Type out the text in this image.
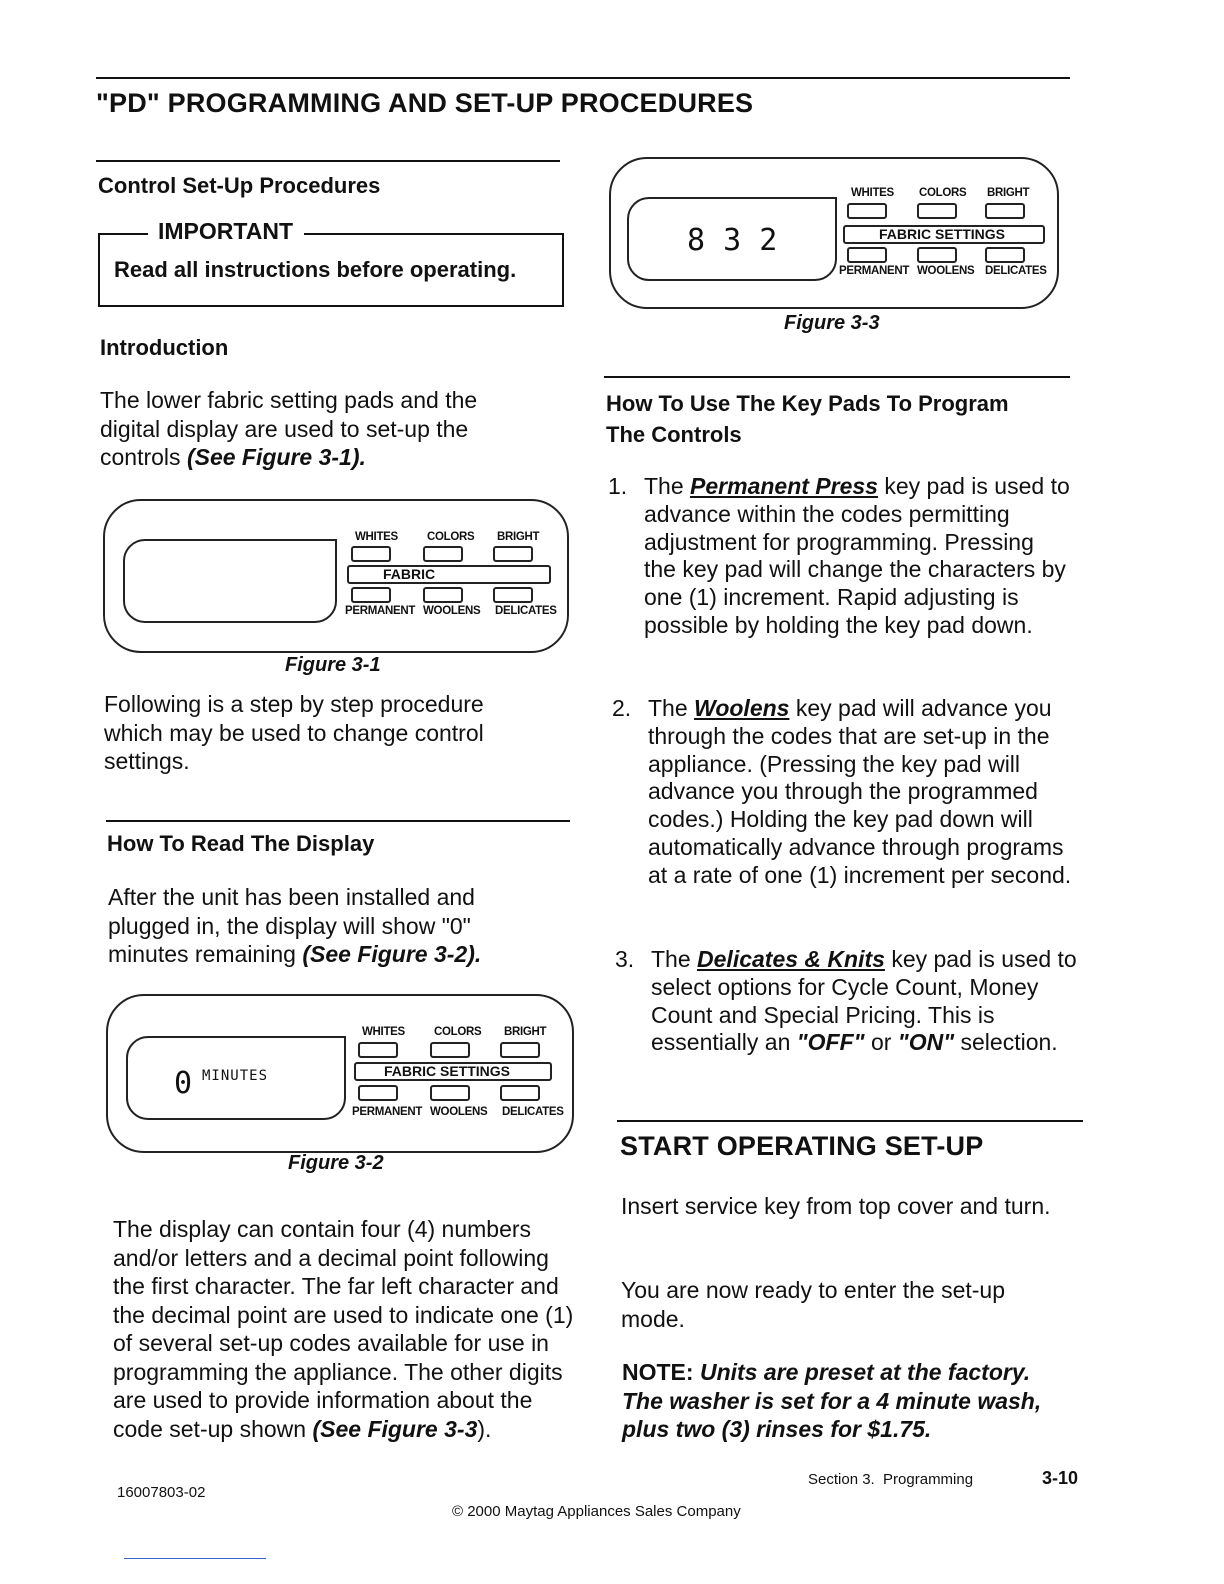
"PD" PROGRAMMING AND SET-UP PROCEDURES
Control Set-Up Procedures
IMPORTANT
Read all instructions before operating.
Introduction
The lower fabric setting pads and the digital display are used to set-up the controls (See Figure 3-1).
WHITES	COLORS BRIGHT
FABRIC
PERMANENT WOOLENS DELICATES
Figure 3-1
Following is a step by step procedure which may be used to change control settings.
How To Read The Display
After the unit has been installed and plugged in, the display will show "0" minutes remaining (See Figure 3-2).
0 MINUTES
WHITES	COLORS BRIGHT
FABRIC SETTINGS
PERMANENT WOOLENS DELICATES
Figure 3-2
The display can contain four (4) numbers and/or letters and a decimal point following the first character. The far left character and the decimal point are used to indicate one (1) of several set-up codes available for use in programming the appliance. The other digits are used to provide information about the code set-up shown (See Figure 3-3).
8 3 2
WHITES COLORS BRIGHT
FABRIC SETTINGS
PERMANENT WOOLENS DELICATES
Figure 3-3
How To Use The Key Pads To Program The Controls
1. The Permanent Press key pad is used to advance within the codes permitting adjustment for programming. Pressing the key pad will change the characters by one (1) increment. Rapid adjusting is possible by holding the key pad down.
2. The Woolens key pad will advance you through the codes that are set-up in the appliance. (Pressing the key pad will advance you through the programmed codes.) Holding the key pad down will automatically advance through programs at a rate of one (1) increment per second.
3. The Delicates & Knits key pad is used to select options for Cycle Count, Money Count and Special Pricing. This is essentially an "OFF" or "ON" selection.
START OPERATING SET-UP
Insert service key from top cover and turn.
You are now ready to enter the set-up mode.
NOTE: Units are preset at the factory. The washer is set for a 4 minute wash, plus two (3) rinses for $1.75.
16007803-02
Section 3.  Programming	3-10
© 2000 Maytag Appliances Sales Company
